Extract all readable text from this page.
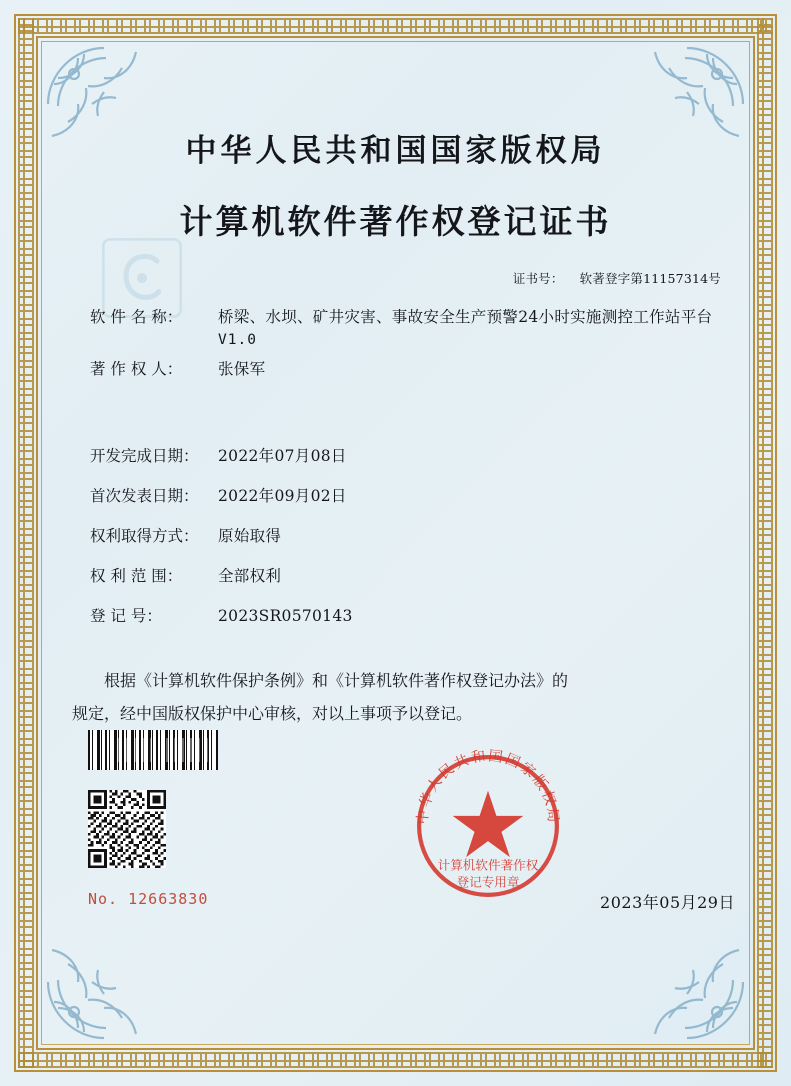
中华人民共和国国家版权局
计算机软件著作权登记证书
证书号： 软著登字第11157314号
软 件 名 称：	桥梁、水坝、矿井灾害、事故安全生产预警24小时实施测控工作站平台
V1.0
著 作 权 人：	张保军
开发完成日期：	2022年07月08日
首次发表日期：	2022年09月02日
权利取得方式：	原始取得
权 利 范 围：	全部权利
登 记 号：	2023SR0570143

根据《计算机软件保护条例》和《计算机软件著作权登记办法》的

规定，经中国版权保护中心审核，对以上事项予以登记。

中华人民共和国国家版权局
计算机软件著作权
登记专用章
No. 12663830	2023年05月29日
